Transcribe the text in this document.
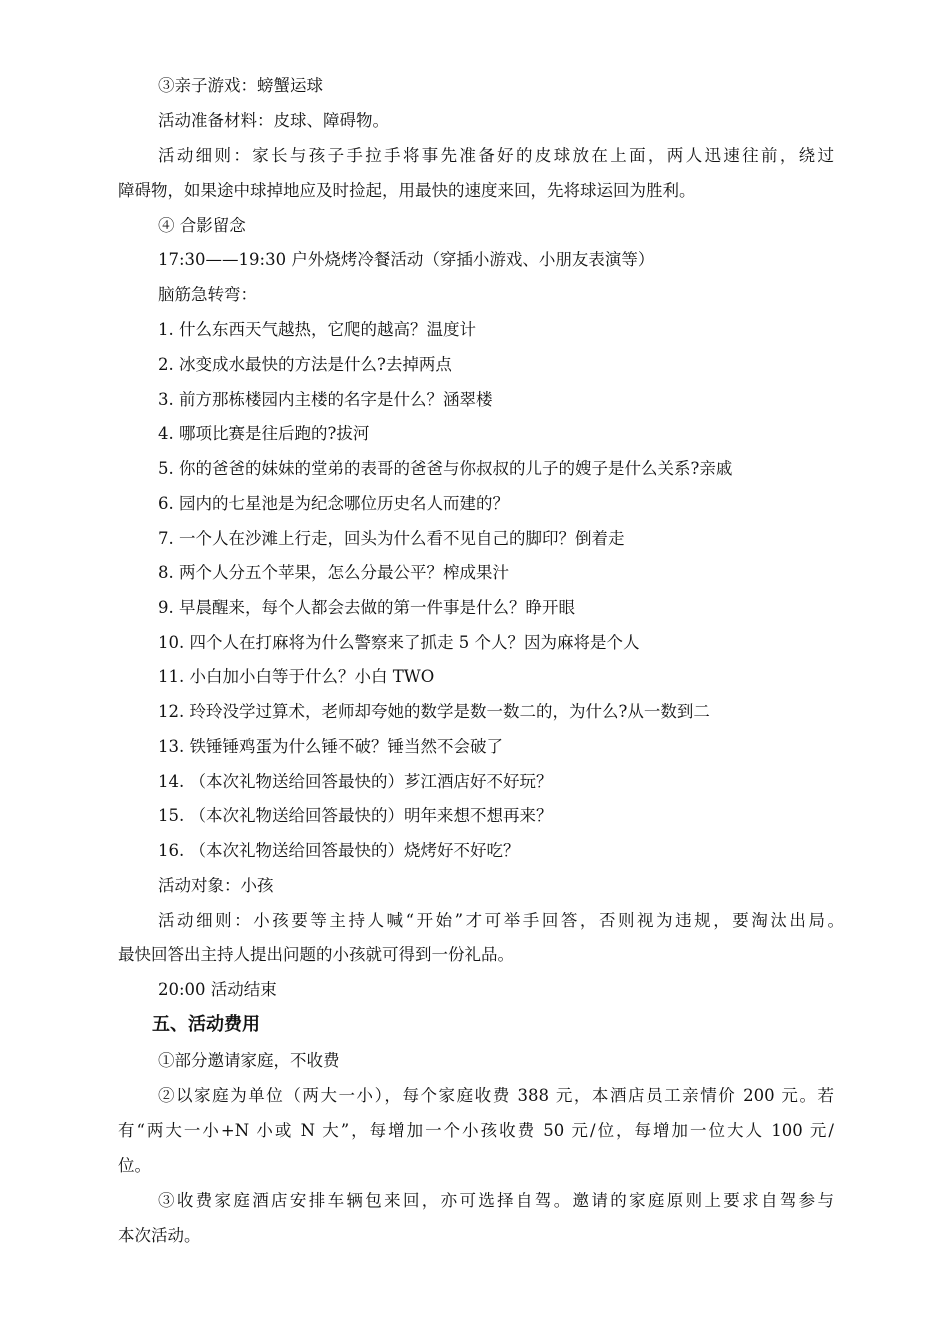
③亲子游戏：螃蟹运球
活动准备材料：皮球、障碍物。
活动细则：家长与孩子手拉手将事先准备好的皮球放在上面，两人迅速往前，绕过
障碍物，如果途中球掉地应及时捡起，用最快的速度来回，先将球运回为胜利。
④ 合影留念
17:30——19:30 户外烧烤冷餐活动（穿插小游戏、小朋友表演等）
脑筋急转弯：
1. 什么东西天气越热，它爬的越高？温度计
2. 冰变成水最快的方法是什么?去掉两点
3. 前方那栋楼园内主楼的名字是什么？涵翠楼
4. 哪项比赛是往后跑的?拔河
5. 你的爸爸的妹妹的堂弟的表哥的爸爸与你叔叔的儿子的嫂子是什么关系?亲戚
6. 园内的七星池是为纪念哪位历史名人而建的？
7. 一个人在沙滩上行走，回头为什么看不见自己的脚印？倒着走
8. 两个人分五个苹果，怎么分最公平？榨成果汁
9. 早晨醒来，每个人都会去做的第一件事是什么？睁开眼
10. 四个人在打麻将为什么警察来了抓走 5 个人？因为麻将是个人
11. 小白加小白等于什么？小白 TWO
12. 玲玲没学过算术，老师却夸她的数学是数一数二的，为什么?从一数到二
13. 铁锤锤鸡蛋为什么锤不破？锤当然不会破了
14. （本次礼物送给回答最快的）芗江酒店好不好玩？
15. （本次礼物送给回答最快的）明年来想不想再来？
16. （本次礼物送给回答最快的）烧烤好不好吃？
活动对象：小孩
活动细则：小孩要等主持人喊“开始”才可举手回答，否则视为违规，要淘汰出局。
最快回答出主持人提出问题的小孩就可得到一份礼品。
20:00 活动结束
五、活动费用
①部分邀请家庭，不收费
②以家庭为单位（两大一小），每个家庭收费 388 元，本酒店员工亲情价 200 元。若
有“两大一小+N 小或 N 大”，每增加一个小孩收费 50 元/位，每增加一位大人 100 元/
位。
③收费家庭酒店安排车辆包来回，亦可选择自驾。邀请的家庭原则上要求自驾参与
本次活动。
